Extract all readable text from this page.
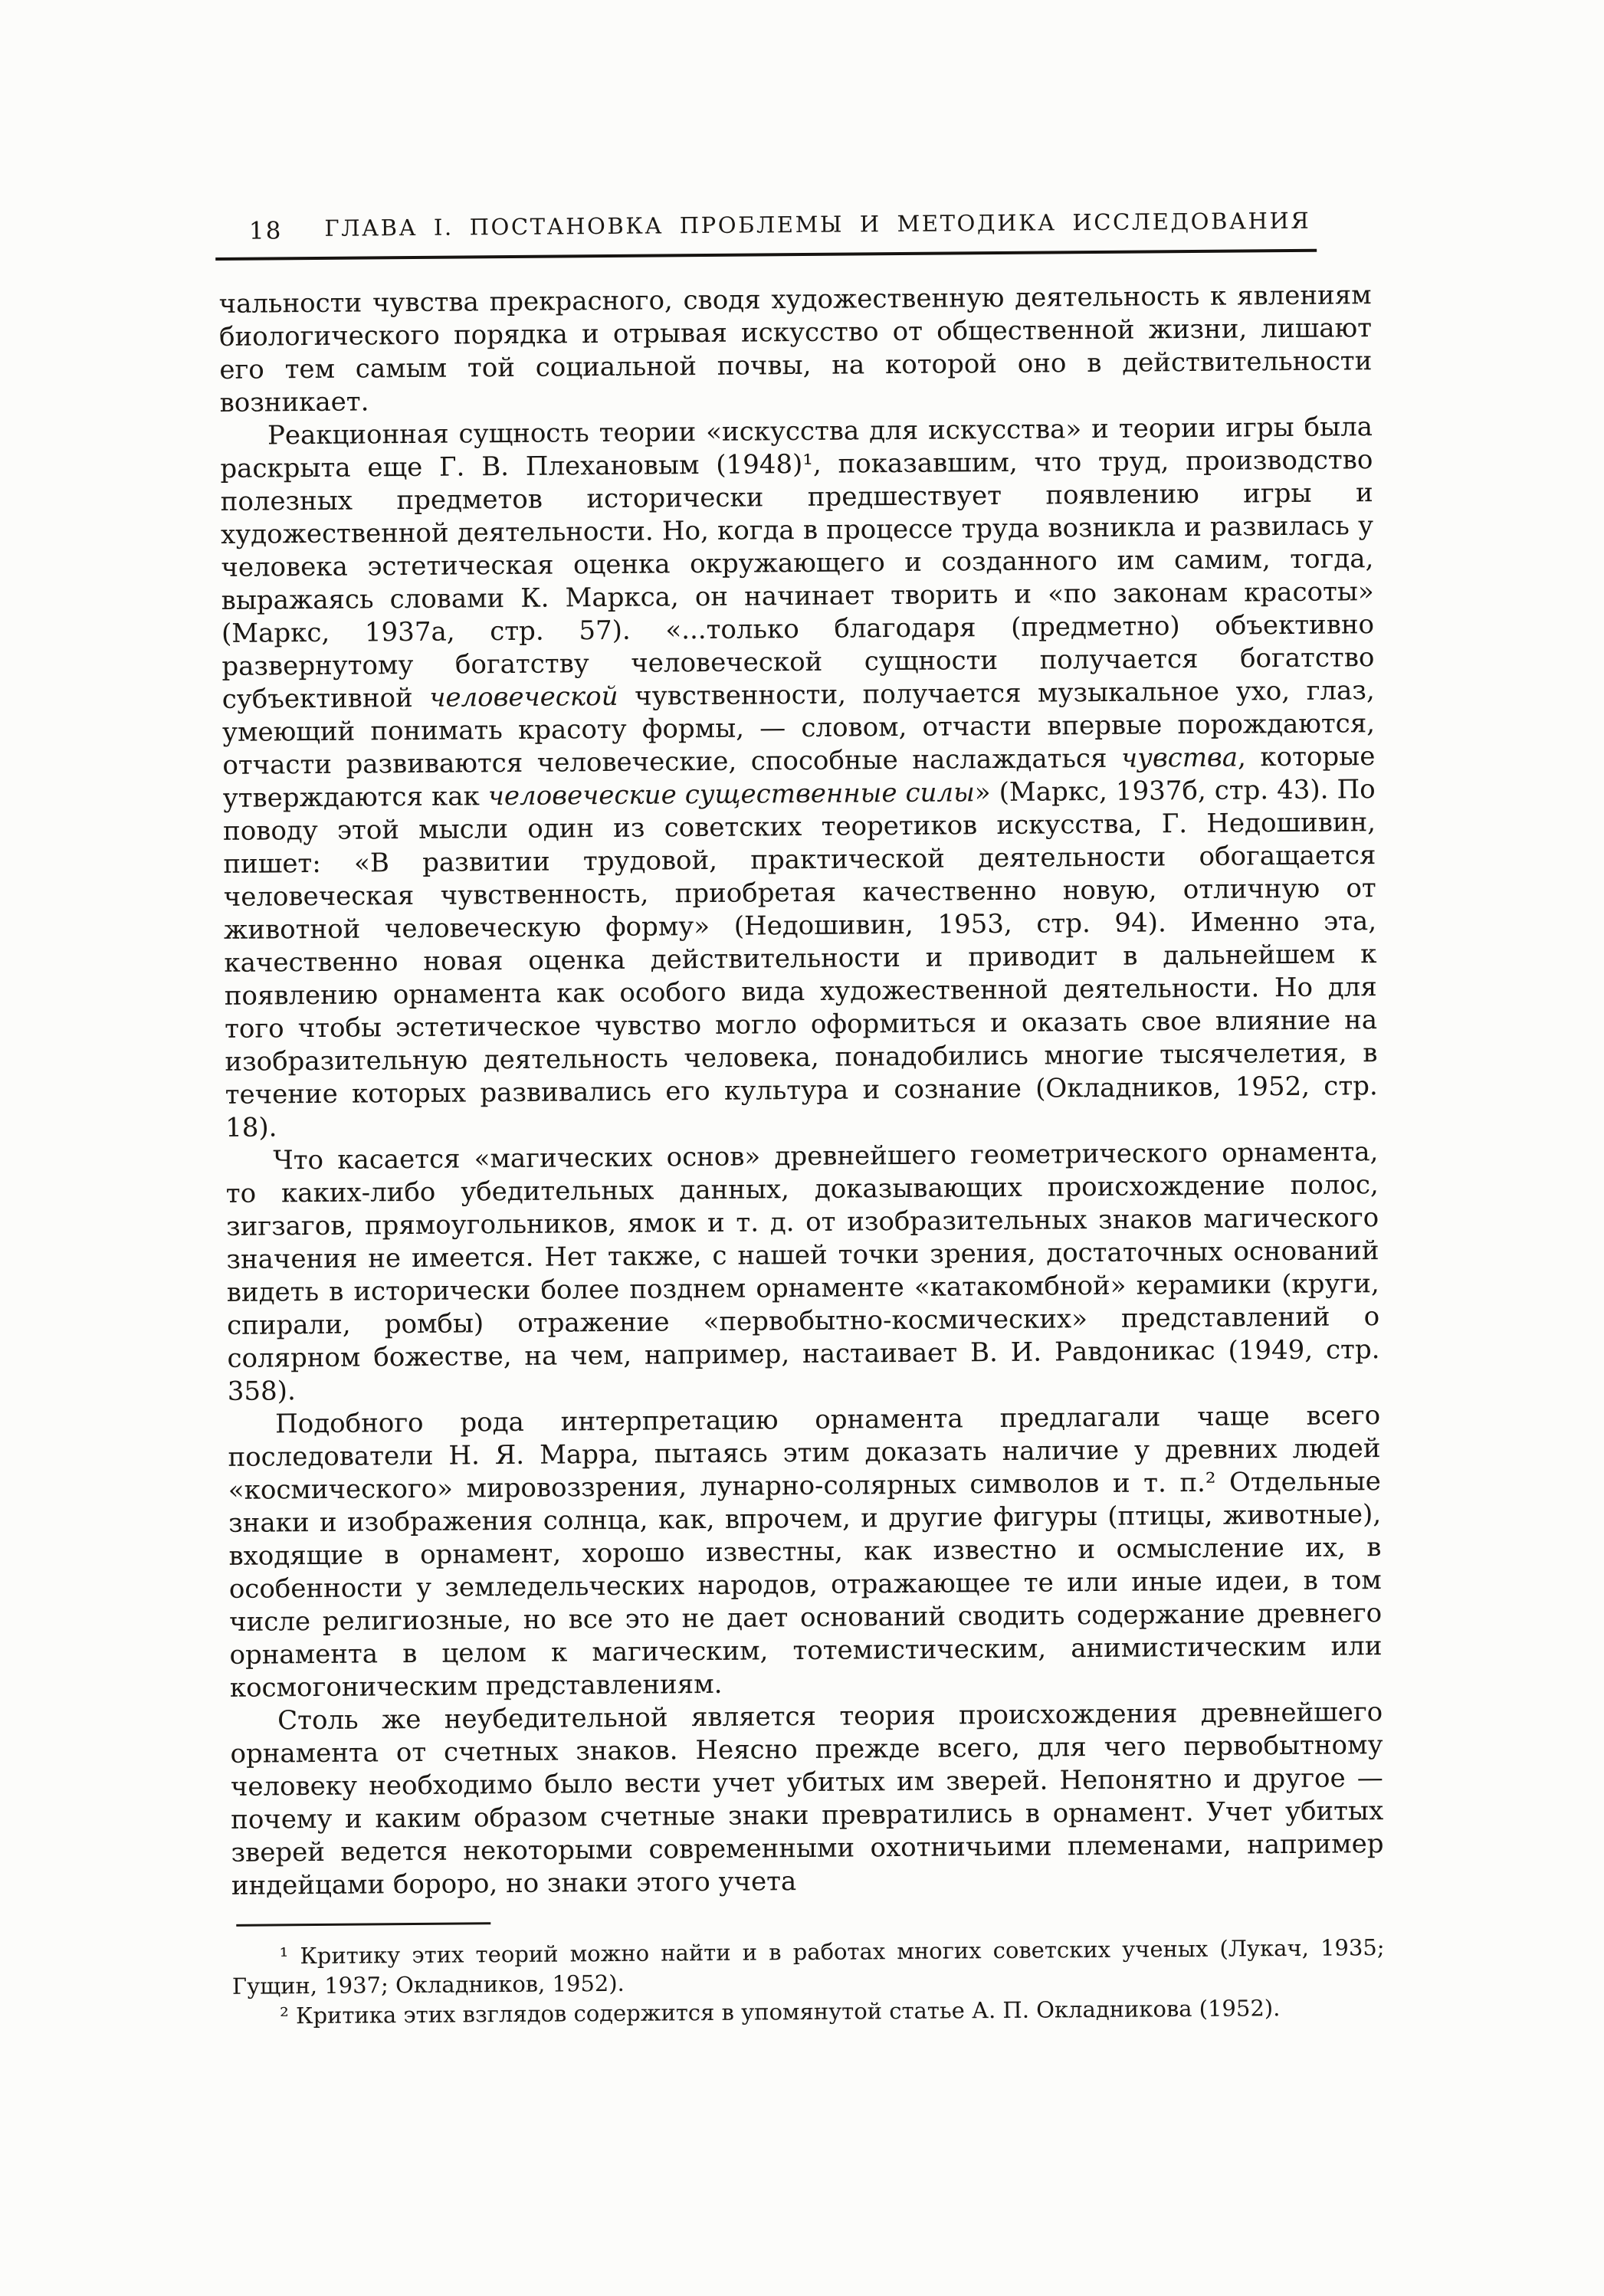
18	ГЛАВА I. ПОСТАНОВКА ПРОБЛЕМЫ И МЕТОДИКА ИССЛЕДОВАНИЯ

чальности чувства прекрасного, сводя художественную деятельность к явлениям биологического порядка и отрывая искусство от общественной жизни, лишают его тем самым той социальной почвы, на которой оно в действительности возникает.

Реакционная сущность теории «искусства для искусства» и теории игры была раскрыта еще Г. В. Плехановым (1948)¹, показавшим, что труд, производство полезных предметов исторически предшествует появлению игры и художественной деятельности. Но, когда в процессе труда возникла и развилась у человека эстетическая оценка окружающего и созданного им самим, тогда, выражаясь словами К. Маркса, он начинает творить и «по законам красоты» (Маркс, 1937а, стр. 57). «...только благодаря (предметно) объективно развернутому богатству человеческой сущности получается богатство субъективной человеческой чувственности, получается музыкальное ухо, глаз, умеющий понимать красоту формы, — словом, отчасти впервые порождаются, отчасти развиваются человеческие, способные наслаждаться чувства, которые утверждаются как человеческие существенные силы» (Маркс, 1937б, стр. 43). По поводу этой мысли один из советских теоретиков искусства, Г. Недошивин, пишет: «В развитии трудовой, практической деятельности обогащается человеческая чувственность, приобретая качественно новую, отличную от животной человеческую форму» (Недошивин, 1953, стр. 94). Именно эта, качественно новая оценка действительности и приводит в дальнейшем к появлению орнамента как особого вида художественной деятельности. Но для того чтобы эстетическое чувство могло оформиться и оказать свое влияние на изобразительную деятельность человека, понадобились многие тысячелетия, в течение которых развивались его культура и сознание (Окладников, 1952, стр. 18).

Что касается «магических основ» древнейшего геометрического орнамента, то каких-либо убедительных данных, доказывающих происхождение полос, зигзагов, прямоугольников, ямок и т. д. от изобразительных знаков магического значения не имеется. Нет также, с нашей точки зрения, достаточных оснований видеть в исторически более позднем орнаменте «катакомбной» керамики (круги, спирали, ромбы) отражение «первобытно-космических» представлений о солярном божестве, на чем, например, настаивает В. И. Равдоникас (1949, стр. 358).

Подобного рода интерпретацию орнамента предлагали чаще всего последователи Н. Я. Марра, пытаясь этим доказать наличие у древних людей «космического» мировоззрения, лунарно-солярных символов и т. п.² Отдельные знаки и изображения солнца, как, впрочем, и другие фигуры (птицы, животные), входящие в орнамент, хорошо известны, как известно и осмысление их, в особенности у земледельческих народов, отражающее те или иные идеи, в том числе религиозные, но все это не дает оснований сводить содержание древнего орнамента в целом к магическим, тотемистическим, анимистическим или космогоническим представлениям.

Столь же неубедительной является теория происхождения древнейшего орнамента от счетных знаков. Неясно прежде всего, для чего первобытному человеку необходимо было вести учет убитых им зверей. Непонятно и другое — почему и каким образом счетные знаки превратились в орнамент. Учет убитых зверей ведется некоторыми современными охотничьими племенами, например индейцами бороро, но знаки этого учета

¹ Критику этих теорий можно найти и в работах многих советских ученых (Лукач, 1935; Гущин, 1937; Окладников, 1952).

² Критика этих взглядов содержится в упомянутой статье А. П. Окладникова (1952).
